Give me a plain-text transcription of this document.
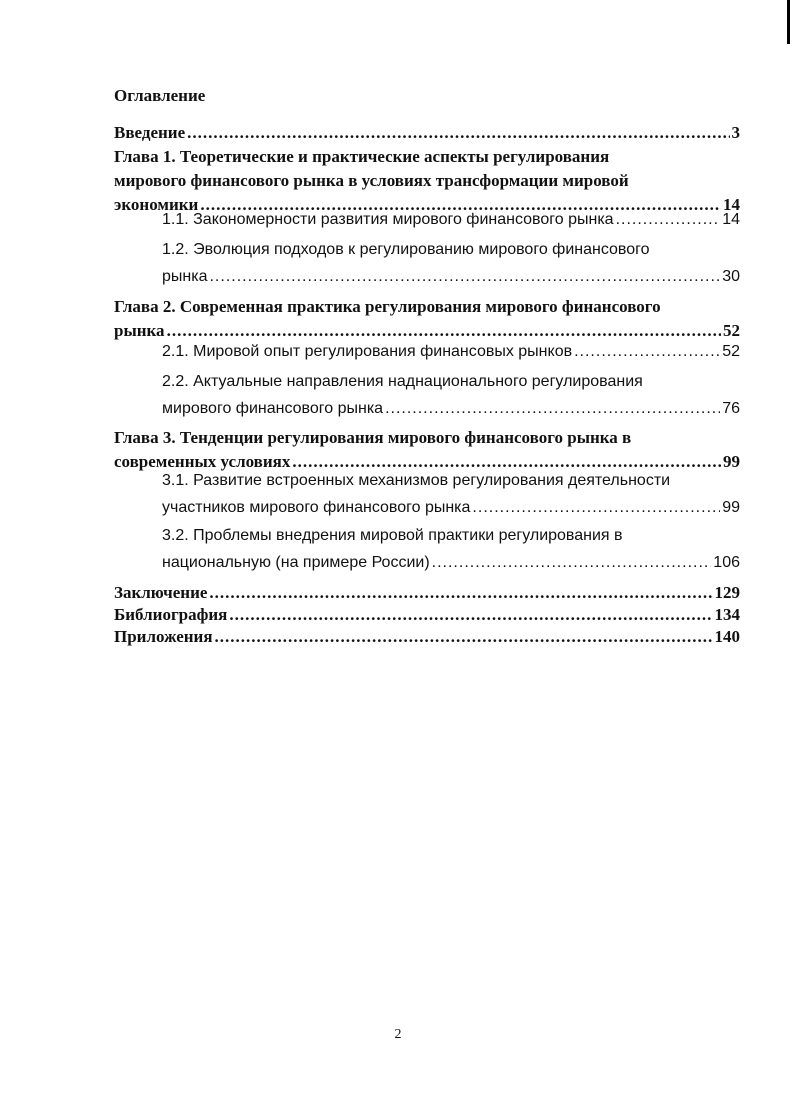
Оглавление
Введение .....	3
Глава 1. Теоретические и практические аспекты регулирования
мирового финансового рынка в условиях трансформации мировой
экономики .....	14
1.1. Закономерности развития мирового финансового рынка .....	14
1.2. Эволюция подходов к регулированию мирового финансового
рынка .....	30
Глава 2. Современная практика регулирования мирового финансового
рынка .....	52
2.1. Мировой опыт регулирования финансовых рынков .....	52
2.2. Актуальные направления наднационального регулирования
мирового финансового рынка .....	76
Глава 3. Тенденции регулирования мирового финансового рынка в
современных условиях .....	99
3.1. Развитие встроенных механизмов регулирования деятельности
участников мирового финансового рынка .....	99
3.2. Проблемы внедрения мировой практики регулирования в
национальную (на примере России) .....	106
Заключение .....	129
Библиография .....	134
Приложения .....	140
2
